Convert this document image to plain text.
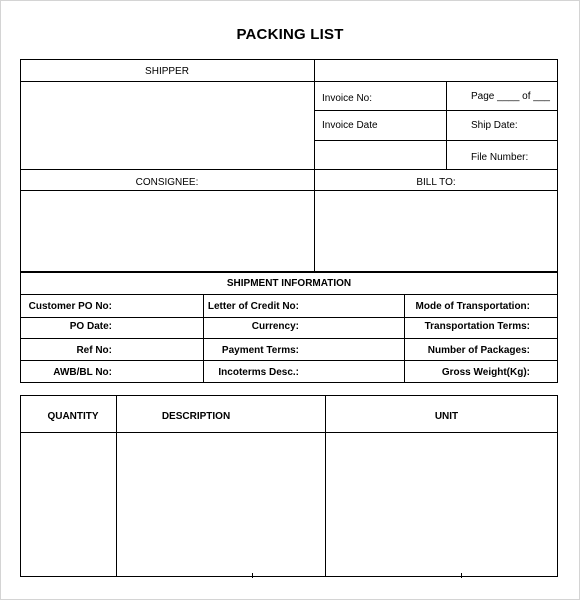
PACKING LIST
SHIPPER
Invoice No:	Page ____ of ___
Invoice Date	Ship Date:
File Number:
CONSIGNEE:	BILL TO:
SHIPMENT INFORMATION
Customer PO No:	Letter of Credit No:	Mode of Transportation:
PO Date:	Currency:	Transportation Terms:
Ref No:	Payment Terms:	Number of Packages:
AWB/BL No:	Incoterms Desc.:	Gross Weight(Kg):
QUANTITY	DESCRIPTION	UNIT
